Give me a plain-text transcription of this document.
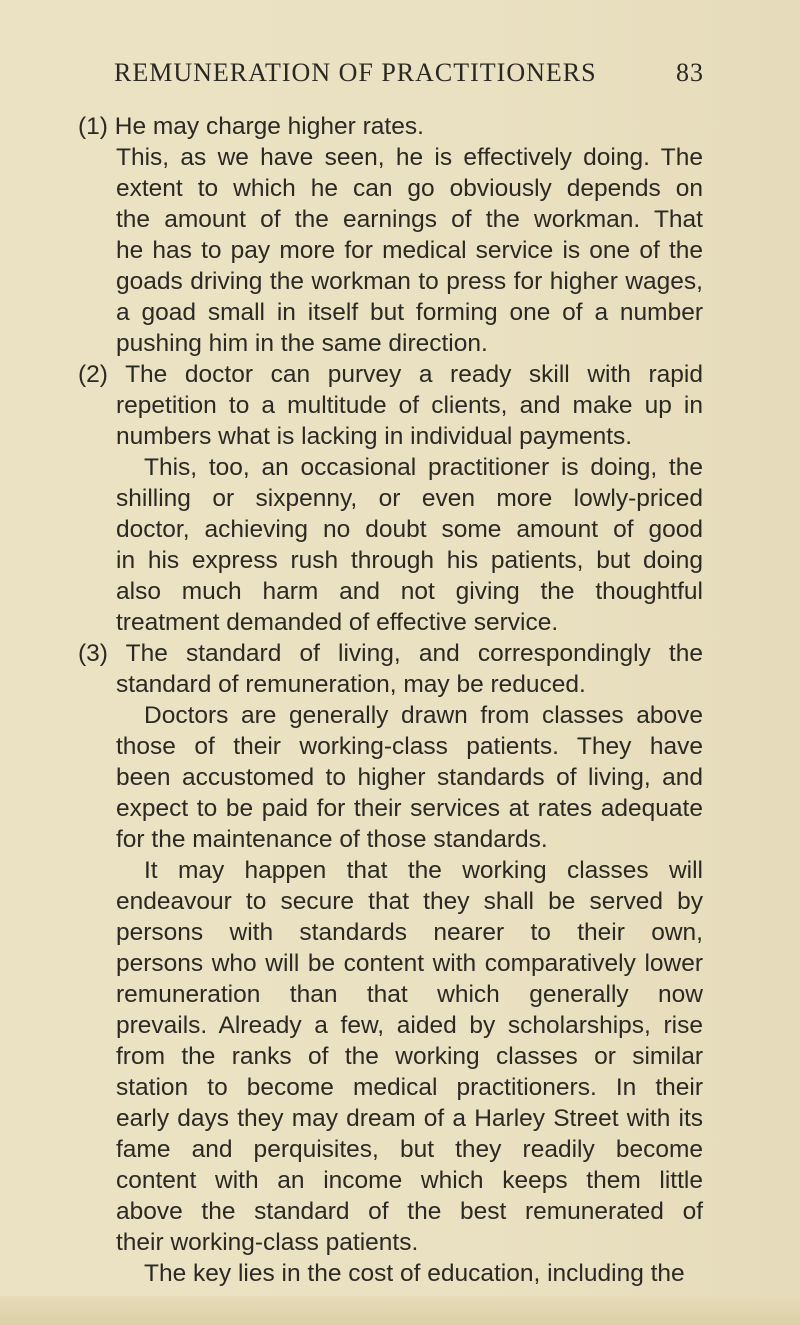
REMUNERATION OF PRACTITIONERS	83
(1) He may charge higher rates.
This, as we have seen, he is effectively doing. The
extent to which he can go obviously depends on
the amount of the earnings of the workman. That
he has to pay more for medical service is one of the
goads driving the workman to press for higher wages,
a goad small in itself but forming one of a number
pushing him in the same direction.
(2) The doctor can purvey a ready skill with rapid
repetition to a multitude of clients, and make up in
numbers what is lacking in individual payments.
This, too, an occasional practitioner is doing, the
shilling or sixpenny, or even more lowly-priced
doctor, achieving no doubt some amount of good
in his express rush through his patients, but doing
also much harm and not giving the thoughtful
treatment demanded of effective service.
(3) The standard of living, and correspondingly the
standard of remuneration, may be reduced.
Doctors are generally drawn from classes above
those of their working-class patients. They have
been accustomed to higher standards of living, and
expect to be paid for their services at rates adequate
for the maintenance of those standards.
It may happen that the working classes will
endeavour to secure that they shall be served by
persons with standards nearer to their own,
persons who will be content with comparatively lower
remuneration than that which generally now
prevails. Already a few, aided by scholarships, rise
from the ranks of the working classes or similar
station to become medical practitioners. In their
early days they may dream of a Harley Street with its
fame and perquisites, but they readily become
content with an income which keeps them little
above the standard of the best remunerated of
their working-class patients.
The key lies in the cost of education, including the
